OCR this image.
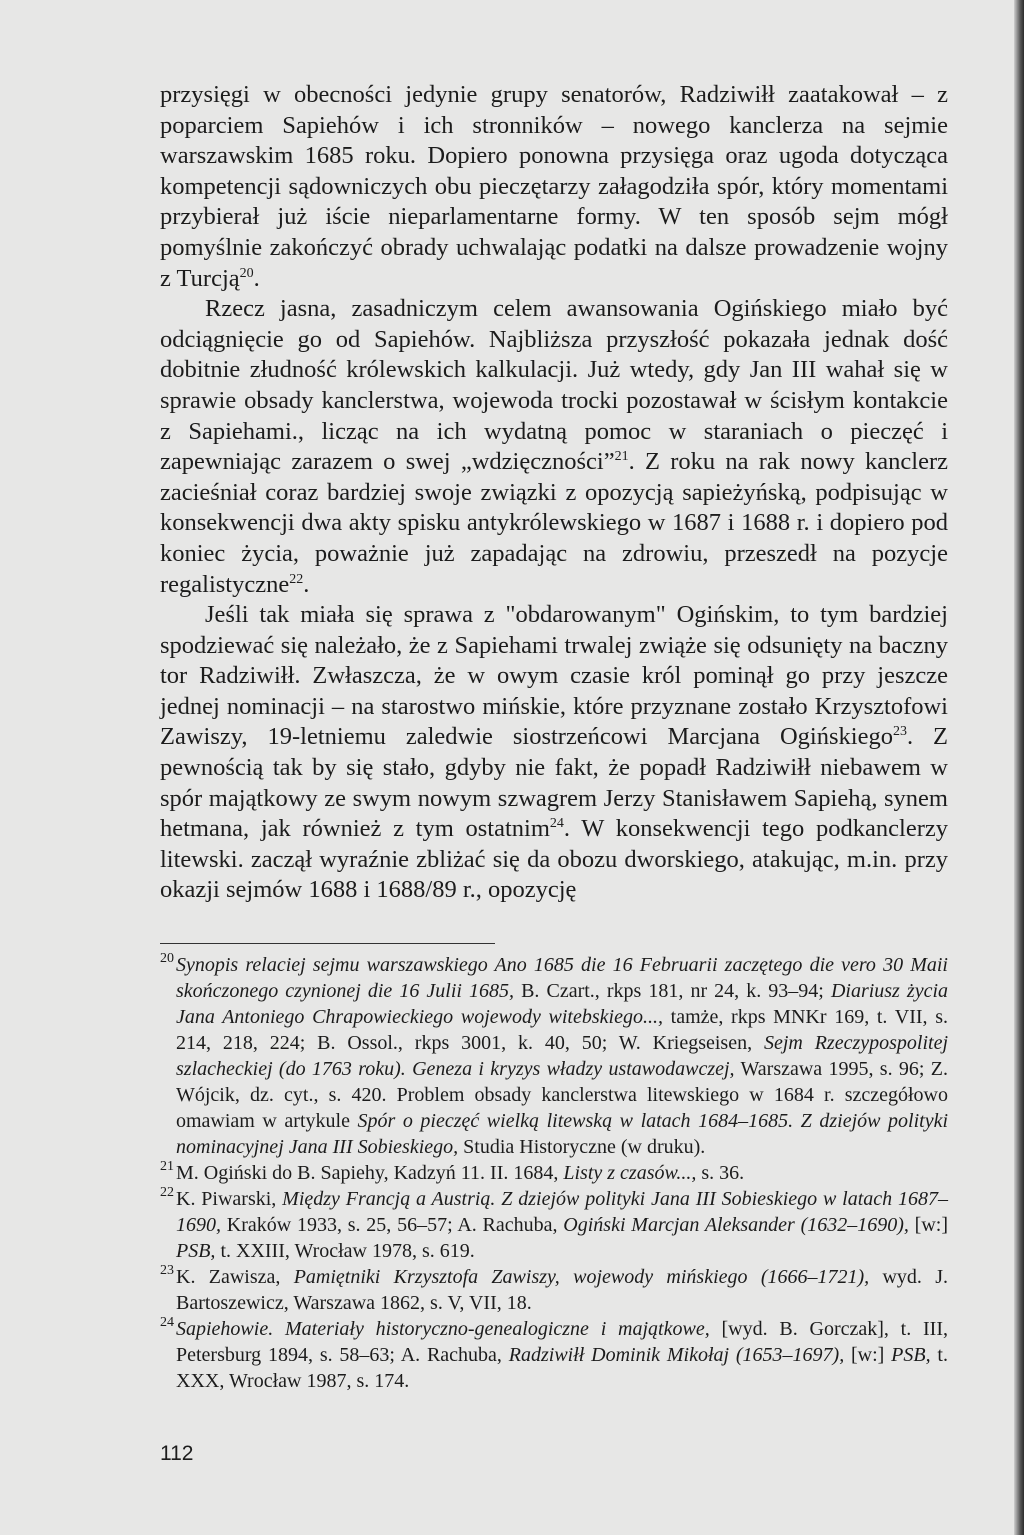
przysięgi w obecności jedynie grupy senatorów, Radziwiłł zaatakował – z poparciem Sapiehów i ich stronników – nowego kanclerza na sejmie warszawskim 1685 roku. Dopiero ponowna przysięga oraz ugoda dotycząca kompetencji sądowniczych obu pieczętarzy załagodziła spór, który momentami przybierał już iście nieparlamentarne formy. W ten sposób sejm mógł pomyślnie zakończyć obrady uchwalając podatki na dalsze prowadzenie wojny z Turcją$^{20}$.

Rzecz jasna, zasadniczym celem awansowania Ogińskiego miało być odciągnięcie go od Sapiehów. Najbliższa przyszłość pokazała jednak dość dobitnie złudność królewskich kalkulacji. Już wtedy, gdy Jan III wahał się w sprawie obsady kanclerstwa, wojewoda trocki pozostawał w ścisłym kontakcie z Sapiehami., licząc na ich wydatną pomoc w staraniach o pieczęć i zapewniając zarazem o swej „wdzięczności”$^{21}$. Z roku na rak nowy kanclerz zacieśniał coraz bardziej swoje związki z opozycją sapieżyńską, podpisując w konsekwencji dwa akty spisku antykrólewskiego w 1687 i 1688 r. i dopiero pod koniec życia, poważnie już zapadając na zdrowiu, przeszedł na pozycje regalistyczne$^{22}$.

Jeśli tak miała się sprawa z "obdarowanym" Ogińskim, to tym bardziej spodziewać się należało, że z Sapiehami trwalej zwiąże się odsunięty na baczny tor Radziwiłł. Zwłaszcza, że w owym czasie król pominął go przy jeszcze jednej nominacji – na starostwo mińskie, które przyznane zostało Krzysztofowi Zawiszy, 19-letniemu zaledwie siostrzeńcowi Marcjana Ogińskiego$^{23}$. Z pewnością tak by się stało, gdyby nie fakt, że popadł Radziwiłł niebawem w spór majątkowy ze swym nowym szwagrem Jerzy Stanisławem Sapiehą, synem hetmana, jak również z tym ostatnim$^{24}$. W konsekwencji tego podkanclerzy litewski. zaczął wyraźnie zbliżać się da obozu dworskiego, atakując, m.in. przy okazji sejmów 1688 i 1688/89 r., opozycję

20 Synopis relaciej sejmu warszawskiego Ano 1685 die 16 Februarii zaczętego die vero 30 Maii skończonego czynionej die 16 Julii 1685, B. Czart., rkps 181, nr 24, k. 93–94; Diariusz życia Jana Antoniego Chrapowieckiego wojewody witebskiego..., tamże, rkps MNKr 169, t. VII, s. 214, 218, 224; B. Ossol., rkps 3001, k. 40, 50; W. Kriegseisen, Sejm Rzeczypospolitej szlacheckiej (do 1763 roku). Geneza i kryzys władzy ustawodawczej, Warszawa 1995, s. 96; Z. Wójcik, dz. cyt., s. 420. Problem obsady kanclerstwa litewskiego w 1684 r. szczegółowo omawiam w artykule Spór o pieczęć wielką litewską w latach 1684–1685. Z dziejów polityki nominacyjnej Jana III Sobieskiego, Studia Historyczne (w druku).
21 M. Ogiński do B. Sapiehy, Kadzyń 11. II. 1684, Listy z czasów..., s. 36.
22 K. Piwarski, Między Francją a Austrią. Z dziejów polityki Jana III Sobieskiego w latach 1687–1690, Kraków 1933, s. 25, 56–57; A. Rachuba, Ogiński Marcjan Aleksander (1632–1690), [w:] PSB, t. XXIII, Wrocław 1978, s. 619.
23 K. Zawisza, Pamiętniki Krzysztofa Zawiszy, wojewody mińskiego (1666–1721), wyd. J. Bartoszewicz, Warszawa 1862, s. V, VII, 18.
24 Sapiehowie. Materiały historyczno-genealogiczne i majątkowe, [wyd. B. Gorczak], t. III, Petersburg 1894, s. 58–63; A. Rachuba, Radziwiłł Dominik Mikołaj (1653–1697), [w:] PSB, t. XXX, Wrocław 1987, s. 174.
112
